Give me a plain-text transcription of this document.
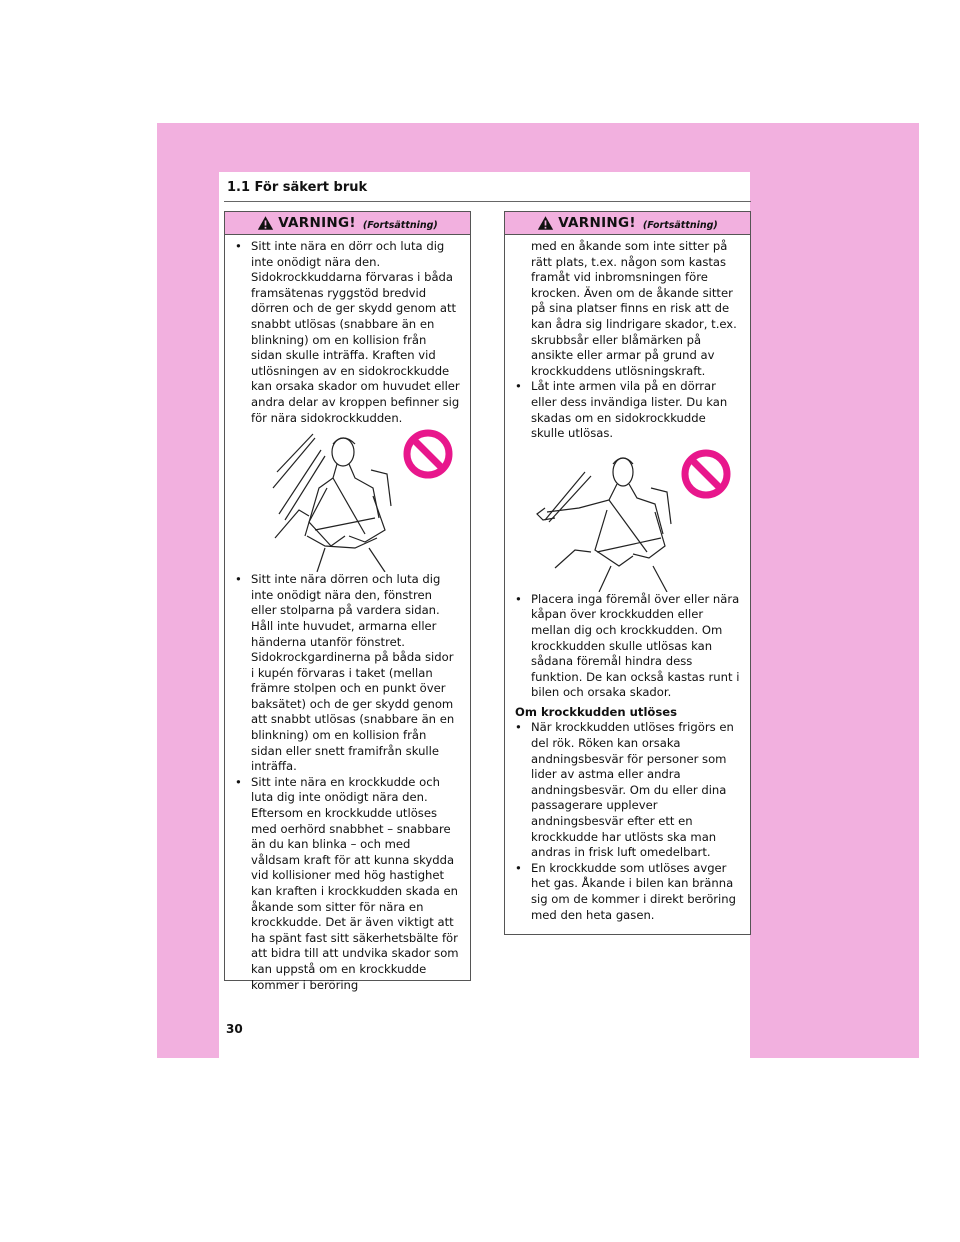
1.1 För säkert bruk
VARNING! (Fortsättning)
• Sitt inte nära en dörr och luta dig inte onödigt nära den. Sidokrockkuddarna förvaras i båda framsätenas ryggstöd bredvid dörren och de ger skydd genom att snabbt utlösas (snabbare än en blinkning) om en kollision från sidan skulle inträffa. Kraften vid utlösningen av en sidokrockkudde kan orsaka skador om huvudet eller andra delar av kroppen befinner sig för nära sidokrockkudden.
• Sitt inte nära dörren och luta dig inte onödigt nära den, fönstren eller stolparna på vardera sidan. Håll inte huvudet, armarna eller händerna utanför fönstret. Sidokrockgardinerna på båda sidor i kupén förvaras i taket (mellan främre stolpen och en punkt över baksätet) och de ger skydd genom att snabbt utlösas (snabbare än en blinkning) om en kollision från sidan eller snett framifrån skulle inträffa.
• Sitt inte nära en krockkudde och luta dig inte onödigt nära den. Eftersom en krockkudde utlöses med oerhörd snabbhet – snabbare än du kan blinka – och med våldsam kraft för att kunna skydda vid kollisioner med hög hastighet kan kraften i krockkudden skada en åkande som sitter för nära en krockkudde. Det är även viktigt att ha spänt fast sitt säkerhetsbälte för att bidra till att undvika skador som kan uppstå om en krockkudde kommer i beröring
VARNING! (Fortsättning)
med en åkande som inte sitter på rätt plats, t.ex. någon som kastas framåt vid inbromsningen före krocken. Även om de åkande sitter på sina platser finns en risk att de kan ådra sig lindrigare skador, t.ex. skrubbsår eller blåmärken på ansikte eller armar på grund av krockkuddens utlösningskraft.
• Låt inte armen vila på en dörrar eller dess invändiga lister. Du kan skadas om en sidokrockkudde skulle utlösas.
• Placera inga föremål över eller nära kåpan över krockkudden eller mellan dig och krockkudden. Om krockkudden skulle utlösas kan sådana föremål hindra dess funktion. De kan också kastas runt i bilen och orsaka skador.
Om krockkudden utlöses
• När krockkudden utlöses frigörs en del rök. Röken kan orsaka andningsbesvär för personer som lider av astma eller andra andningsbesvär. Om du eller dina passagerare upplever andningsbesvär efter ett en krockkudde har utlösts ska man andras in frisk luft omedelbart.
• En krockkudde som utlöses avger het gas. Åkande i bilen kan bränna sig om de kommer i direkt beröring med den heta gasen.
30
